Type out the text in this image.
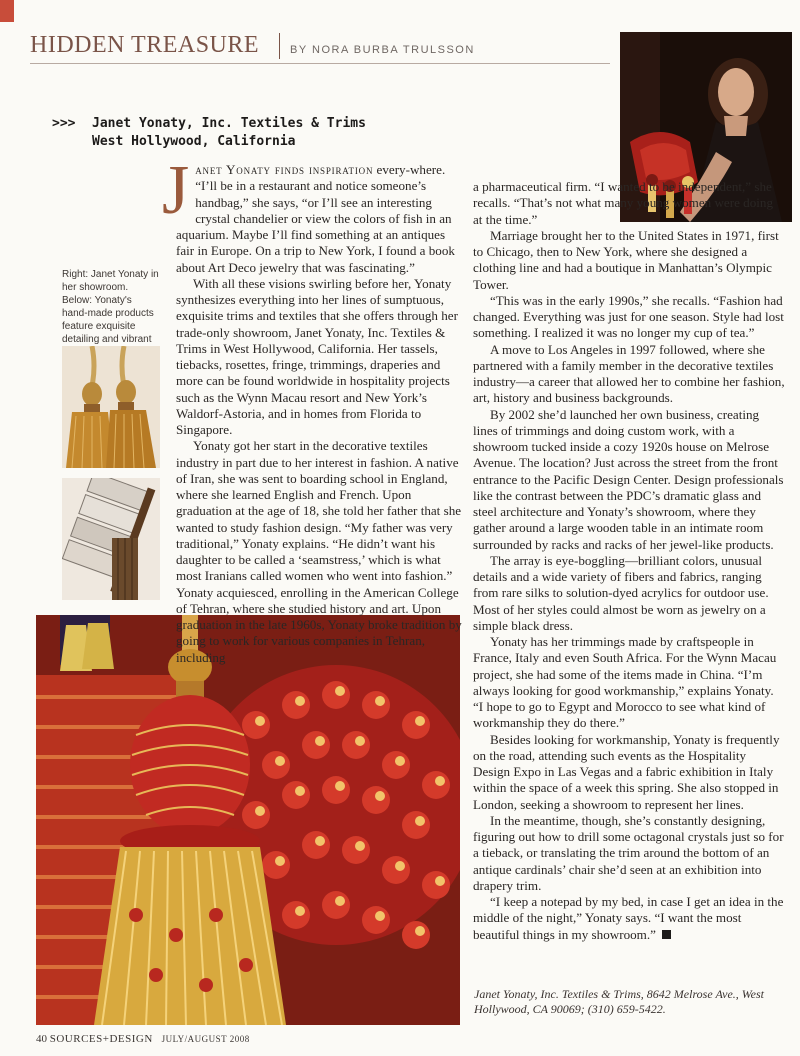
HIDDEN TREASURE	BY NORA BURBA TRULSSON
>>> Janet Yonaty, Inc. Textiles & Trims
West Hollywood, California

Right: Janet Yonaty in her showroom.

Below: Yonaty's hand-made products feature exquisite detailing and vibrant

Janet Yonaty finds inspiration every-where. “I’ll be in a restaurant and notice someone’s handbag,” she says, “or I’ll see an interesting crystal chandelier or view the colors of fish in an aquarium. Maybe I’ll find something at an antiques fair in Europe. On a trip to New York, I found a book about Art Deco jewelry that was fascinating.”

With all these visions swirling before her, Yonaty synthesizes everything into her lines of sumptuous, exquisite trims and textiles that she offers through her trade-only showroom, Janet Yonaty, Inc. Textiles & Trims in West Hollywood, California. Her tassels, tiebacks, rosettes, fringe, trimmings, draperies and more can be found worldwide in hospitality projects such as the Wynn Macau resort and New York’s Waldorf-Astoria, and in homes from Florida to Singapore.

Yonaty got her start in the decorative textiles industry in part due to her interest in fashion. A native of Iran, she was sent to boarding school in England, where she learned English and French. Upon graduation at the age of 18, she told her father that she wanted to study fashion design. “My father was very traditional,” Yonaty explains. “He didn’t want his daughter to be called a ‘seamstress,’ which is what most Iranians called women who went into fashion.” Yonaty acquiesced, enrolling in the American College of Tehran, where she studied history and art. Upon graduation in the late 1960s, Yonaty broke tradition by going to work for various companies in Tehran, including

a pharmaceutical firm. “I wanted to be independent,” she recalls. “That’s not what many young women were doing at the time.”

Marriage brought her to the United States in 1971, first to Chicago, then to New York, where she designed a clothing line and had a boutique in Manhattan’s Olympic Tower.

“This was in the early 1990s,” she recalls. “Fashion had changed. Everything was just for one season. Style had lost something. I realized it was no longer my cup of tea.”

A move to Los Angeles in 1997 followed, where she partnered with a family member in the decorative textiles industry—a career that allowed her to combine her fashion, art, history and business backgrounds.

By 2002 she’d launched her own business, creating lines of trimmings and doing custom work, with a showroom tucked inside a cozy 1920s house on Melrose Avenue. The location? Just across the street from the front entrance to the Pacific Design Center. Design professionals like the contrast between the PDC’s dramatic glass and steel architecture and Yonaty’s showroom, where they gather around a large wooden table in an intimate room surrounded by racks and racks of her jewel-like products.

The array is eye-boggling—brilliant colors, unusual details and a wide variety of fibers and fabrics, ranging from rare silks to solution-dyed acrylics for outdoor use. Most of her styles could almost be worn as jewelry on a simple black dress.

Yonaty has her trimmings made by craftspeople in France, Italy and even South Africa. For the Wynn Macau project, she had some of the items made in China. “I’m always looking for good workmanship,” explains Yonaty. “I hope to go to Egypt and Morocco to see what kind of workmanship they do there.”

Besides looking for workmanship, Yonaty is frequently on the road, attending such events as the Hospitality Design Expo in Las Vegas and a fabric exhibition in Italy within the space of a week this spring. She also stopped in London, seeking a showroom to represent her lines.

In the meantime, though, she’s constantly designing, figuring out how to drill some octagonal crystals just so for a tieback, or translating the trim around the bottom of an antique cardinals’ chair she’d seen at an exhibition into drapery trim.

“I keep a notepad by my bed, in case I get an idea in the middle of the night,” Yonaty says. “I want the most beautiful things in my showroom.”

Janet Yonaty, Inc. Textiles & Trims, 8642 Melrose Ave., West Hollywood, CA 90069; (310) 659-5422.
40 SOURCES+DESIGN JULY/AUGUST 2008
